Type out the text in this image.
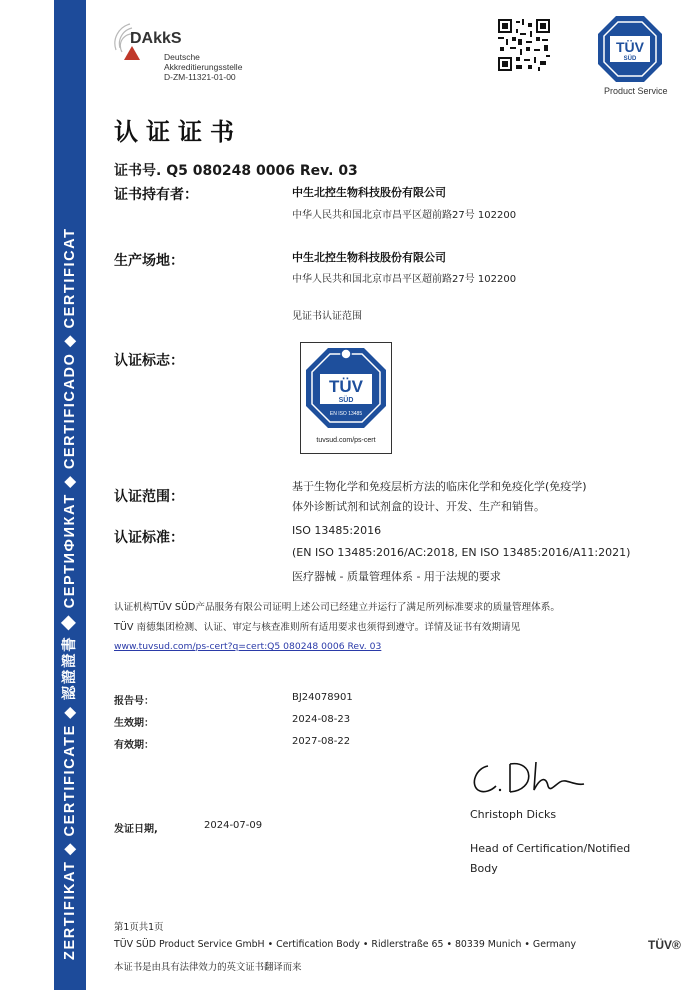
ZERTIFIKAT ◆ CERTIFICATE ◆ 認證證書 ◆ СЕРТИФИКАТ ◆ CERTIFICADO ◆ CERTIFICAT
DAkkS
Deutsche
Akkreditierungsstelle
D-ZM-11321-01-00
TÜV
SÜD
Product Service
认证证书
证书号. Q5 080248 0006 Rev. 03
证书持有者：	中生北控生物科技股份有限公司
中华人民共和国北京市昌平区超前路27号 102200
生产场地：	中生北控生物科技股份有限公司
中华人民共和国北京市昌平区超前路27号 102200
见证书认证范围
认证标志：
TÜV
SÜD
EN ISO 13485
tuvsud.com/ps-cert
认证范围：
基于生物化学和免疫层析方法的临床化学和免疫化学(免疫学)
体外诊断试剂和试剂盒的设计、开发、生产和销售。
认证标准：	ISO 13485:2016
(EN ISO 13485:2016/AC:2018, EN ISO 13485:2016/A11:2021)
医疗器械 - 质量管理体系 - 用于法规的要求
认证机构TÜV SÜD产品服务有限公司证明上述公司已经建立并运行了满足所列标准要求的质量管理体系。
TÜV 南德集团检测、认证、审定与核查准则所有适用要求也须得到遵守。详情及证书有效期请见
www.tuvsud.com/ps-cert?q=cert:Q5 080248 0006 Rev. 03
报告号：	BJ24078901
生效期：	2024-08-23
有效期：	2027-08-22
Christoph Dicks
Head of Certification/Notified
Body
发证日期,	2024-07-09
第1页共1页
TÜV SÜD Product Service GmbH • Certification Body • Ridlerstraße 65 • 80339 Munich • Germany
本证书是由具有法律效力的英文证书翻译而来
TÜV®
